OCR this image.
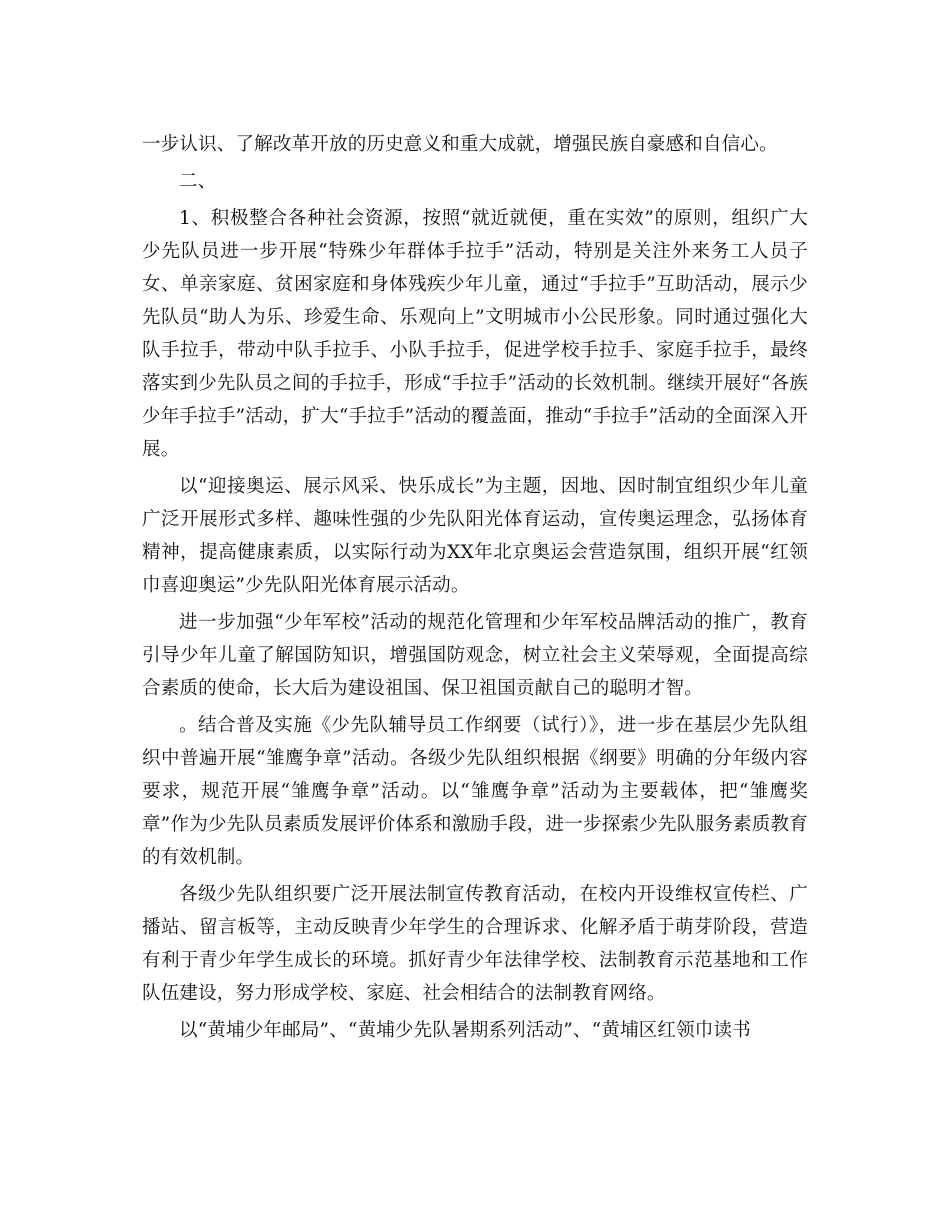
一步认识、了解改革开放的历史意义和重大成就，增强民族自豪感和自信心。

二、

1、积极整合各种社会资源，按照“就近就便，重在实效”的原则，组织广大少先队员进一步开展“特殊少年群体手拉手”活动，特别是关注外来务工人员子女、单亲家庭、贫困家庭和身体残疾少年儿童，通过“手拉手”互助活动，展示少先队员“助人为乐、珍爱生命、乐观向上”文明城市小公民形象。同时通过强化大队手拉手，带动中队手拉手、小队手拉手，促进学校手拉手、家庭手拉手，最终落实到少先队员之间的手拉手，形成“手拉手”活动的长效机制。继续开展好“各族少年手拉手”活动，扩大“手拉手”活动的覆盖面，推动“手拉手”活动的全面深入开展。

以“迎接奥运、展示风采、快乐成长”为主题，因地、因时制宜组织少年儿童广泛开展形式多样、趣味性强的少先队阳光体育运动，宣传奥运理念，弘扬体育精神，提高健康素质，以实际行动为XX年北京奥运会营造氛围，组织开展“红领巾喜迎奥运”少先队阳光体育展示活动。

进一步加强“少年军校”活动的规范化管理和少年军校品牌活动的推广，教育引导少年儿童了解国防知识，增强国防观念，树立社会主义荣辱观，全面提高综合素质的使命，长大后为建设祖国、保卫祖国贡献自己的聪明才智。

。结合普及实施《少先队辅导员工作纲要（试行）》，进一步在基层少先队组织中普遍开展“雏鹰争章”活动。各级少先队组织根据《纲要》明确的分年级内容要求，规范开展“雏鹰争章”活动。以“雏鹰争章”活动为主要载体，把“雏鹰奖章”作为少先队员素质发展评价体系和激励手段，进一步探索少先队服务素质教育的有效机制。

各级少先队组织要广泛开展法制宣传教育活动，在校内开设维权宣传栏、广播站、留言板等，主动反映青少年学生的合理诉求、化解矛盾于萌芽阶段，营造有利于青少年学生成长的环境。抓好青少年法律学校、法制教育示范基地和工作队伍建设，努力形成学校、家庭、社会相结合的法制教育网络。

以“黄埔少年邮局”、“黄埔少先队暑期系列活动”、“黄埔区红领巾读书
